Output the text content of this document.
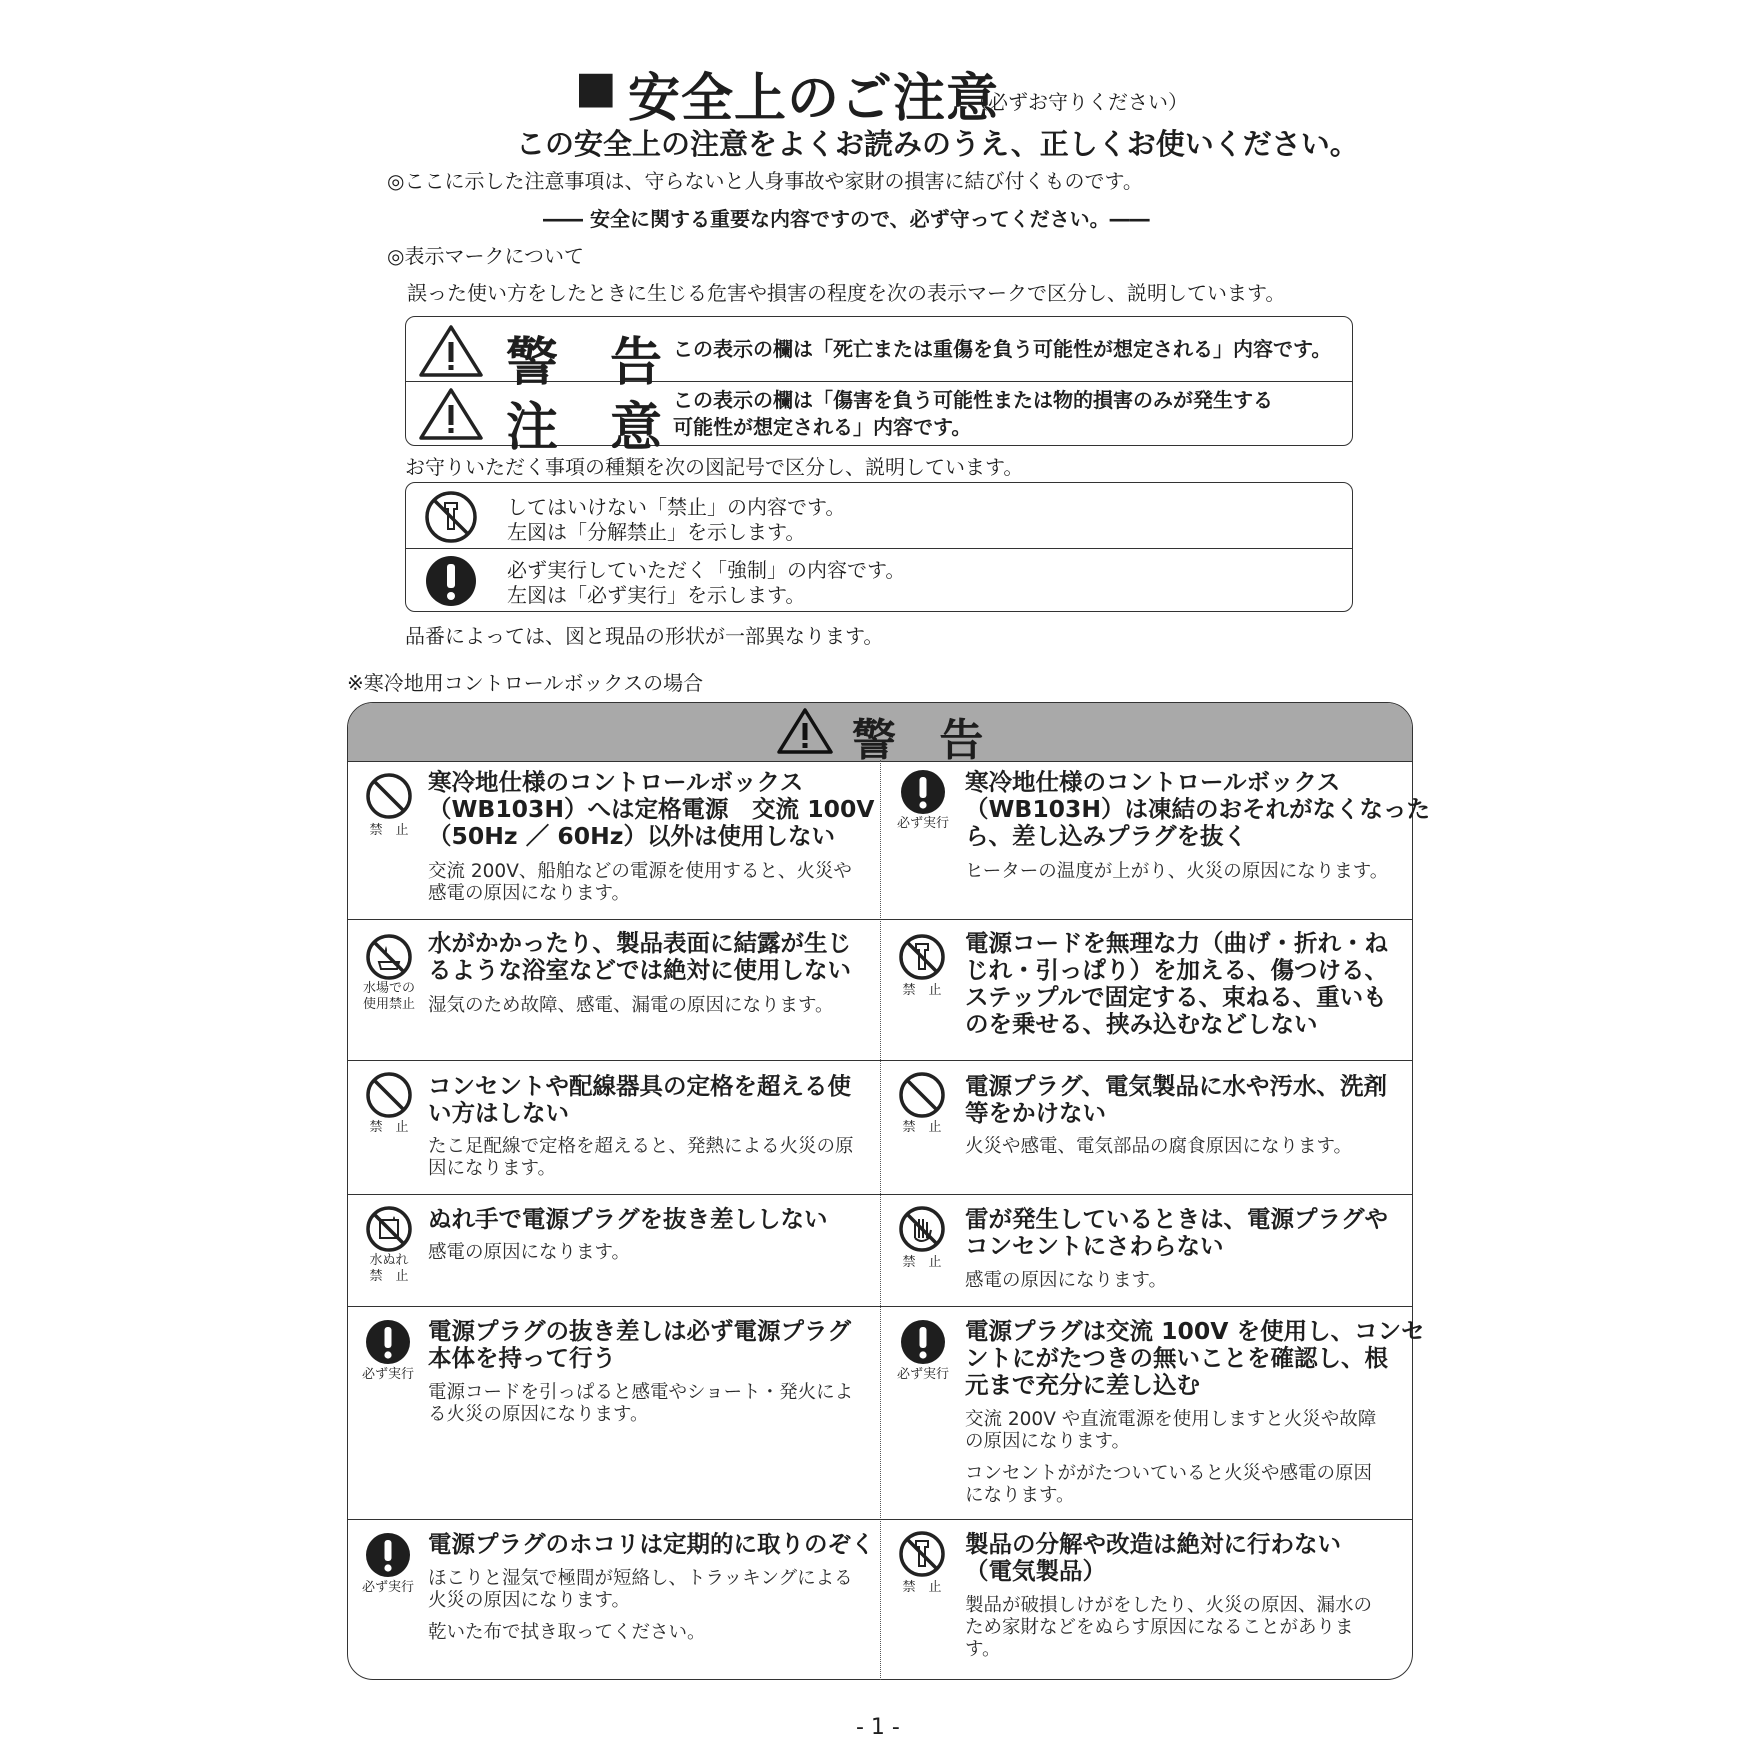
■ 安全上のご注意
（必ずお守りください）
この安全上の注意をよくお読みのうえ、正しくお使いください。
◎ここに示した注意事項は、守らないと人身事故や家財の損害に結び付くものです。
―― 安全に関する重要な内容ですので、必ず守ってください。――
◎表示マークについて
誤った使い方をしたときに生じる危害や損害の程度を次の表示マークで区分し、説明しています。
警　告 この表示の欄は「死亡または重傷を負う可能性が想定される」内容です。
注　意 この表示の欄は「傷害を負う可能性または物的損害のみが発生する
可能性が想定される」内容です。
お守りいただく事項の種類を次の図記号で区分し、説明しています。
してはいけない「禁止」の内容です。
左図は「分解禁止」を示します。
必ず実行していただく「強制」の内容です。
左図は「必ず実行」を示します。
品番によっては、図と現品の形状が一部異なります。
※寒冷地用コントロールボックスの場合
警 告
禁　止
寒冷地仕様のコントロールボックス
（WB103H）へは定格電源　交流 100V
（50Hz ／ 60Hz）以外は使用しない
交流 200V、船舶などの電源を使用すると、火災や
感電の原因になります。
必ず実行
寒冷地仕様のコントロールボックス
（WB103H）は凍結のおそれがなくなった
ら、差し込みプラグを抜く
ヒーターの温度が上がり、火災の原因になります。
水場での
使用禁止
水がかかったり、製品表面に結露が生じ
るような浴室などでは絶対に使用しない
湿気のため故障、感電、漏電の原因になります。
禁　止
電源コードを無理な力（曲げ・折れ・ね
じれ・引っぱり）を加える、傷つける、
ステップルで固定する、束ねる、重いも
のを乗せる、挟み込むなどしない
禁　止
コンセントや配線器具の定格を超える使
い方はしない
たこ足配線で定格を超えると、発熱による火災の原
因になります。
禁　止
電源プラグ、電気製品に水や汚水、洗剤
等をかけない
火災や感電、電気部品の腐食原因になります。
水ぬれ
禁　止
ぬれ手で電源プラグを抜き差ししない
感電の原因になります。	禁　止
雷が発生しているときは、電源プラグや
コンセントにさわらない
感電の原因になります。
必ず実行
電源プラグの抜き差しは必ず電源プラグ
本体を持って行う
電源コードを引っぱると感電やショート・発火によ
る火災の原因になります。
必ず実行
電源プラグは交流 100V を使用し、コンセ
ントにがたつきの無いことを確認し、根
元まで充分に差し込む
交流 200V や直流電源を使用しますと火災や故障
の原因になります。
コンセントががたついていると火災や感電の原因
になります。
必ず実行
電源プラグのホコリは定期的に取りのぞく
ほこりと湿気で極間が短絡し、トラッキングによる
火災の原因になります。
乾いた布で拭き取ってください。
禁　止
製品の分解や改造は絶対に行わない
（電気製品）
製品が破損しけがをしたり、火災の原因、漏水の
ため家財などをぬらす原因になることがありま
す。
- 1 -
